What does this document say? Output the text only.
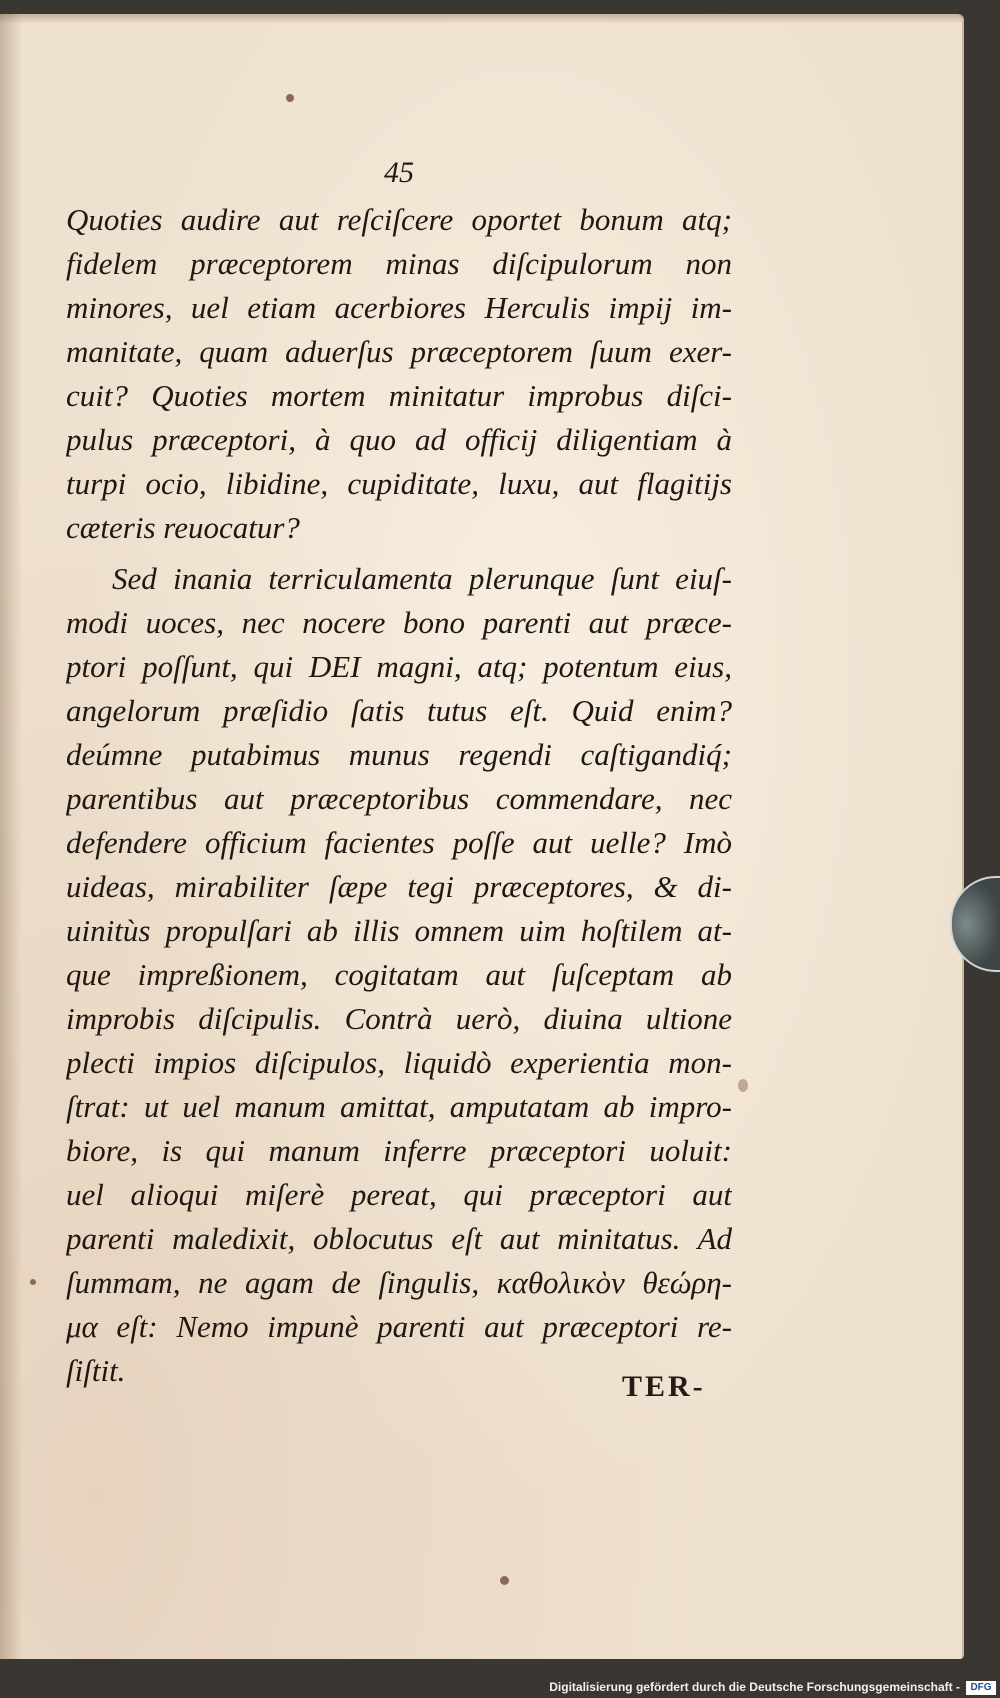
45
Quoties audire aut reſciſcere oportet bonum atq;
fidelem præceptorem minas diſcipulorum non
minores, uel etiam acerbiores Herculis impij im-
manitate, quam aduerſus præceptorem ſuum exer-
cuit? Quoties mortem minitatur improbus diſci-
pulus præceptori, à quo ad officij diligentiam à
turpi ocio, libidine, cupiditate, luxu, aut flagitijs
cæteris reuocatur?
Sed inania terriculamenta plerunque ſunt eiuſ-
modi uoces, nec nocere bono parenti aut præce-
ptori poſſunt, qui DEI magni, atq; potentum eius,
angelorum præſidio ſatis tutus eſt. Quid enim?
deúmne putabimus munus regendi caſtigandiq́;
parentibus aut præceptoribus commendare, nec
defendere officium facientes poſſe aut uelle? Imò
uideas, mirabiliter ſæpe tegi præceptores, & di-
uinitùs propulſari ab illis omnem uim hoſtilem at-
que impreßionem, cogitatam aut ſuſceptam ab
improbis diſcipulis. Contrà uerò, diuina ultione
plecti impios diſcipulos, liquidò experientia mon-
ſtrat: ut uel manum amittat, amputatam ab impro-
biore, is qui manum inferre præceptori uoluit:
uel alioqui miſerè pereat, qui præceptori aut
parenti maledixit, oblocutus eſt aut minitatus. Ad
ſummam, ne agam de ſingulis, καθολικὸν θεώρη-
μα eſt: Nemo impunè parenti aut præceptori re-
ſiſtit.	TER-
Digitalisierung gefördert durch die Deutsche Forschungsgemeinschaft -	DFG
